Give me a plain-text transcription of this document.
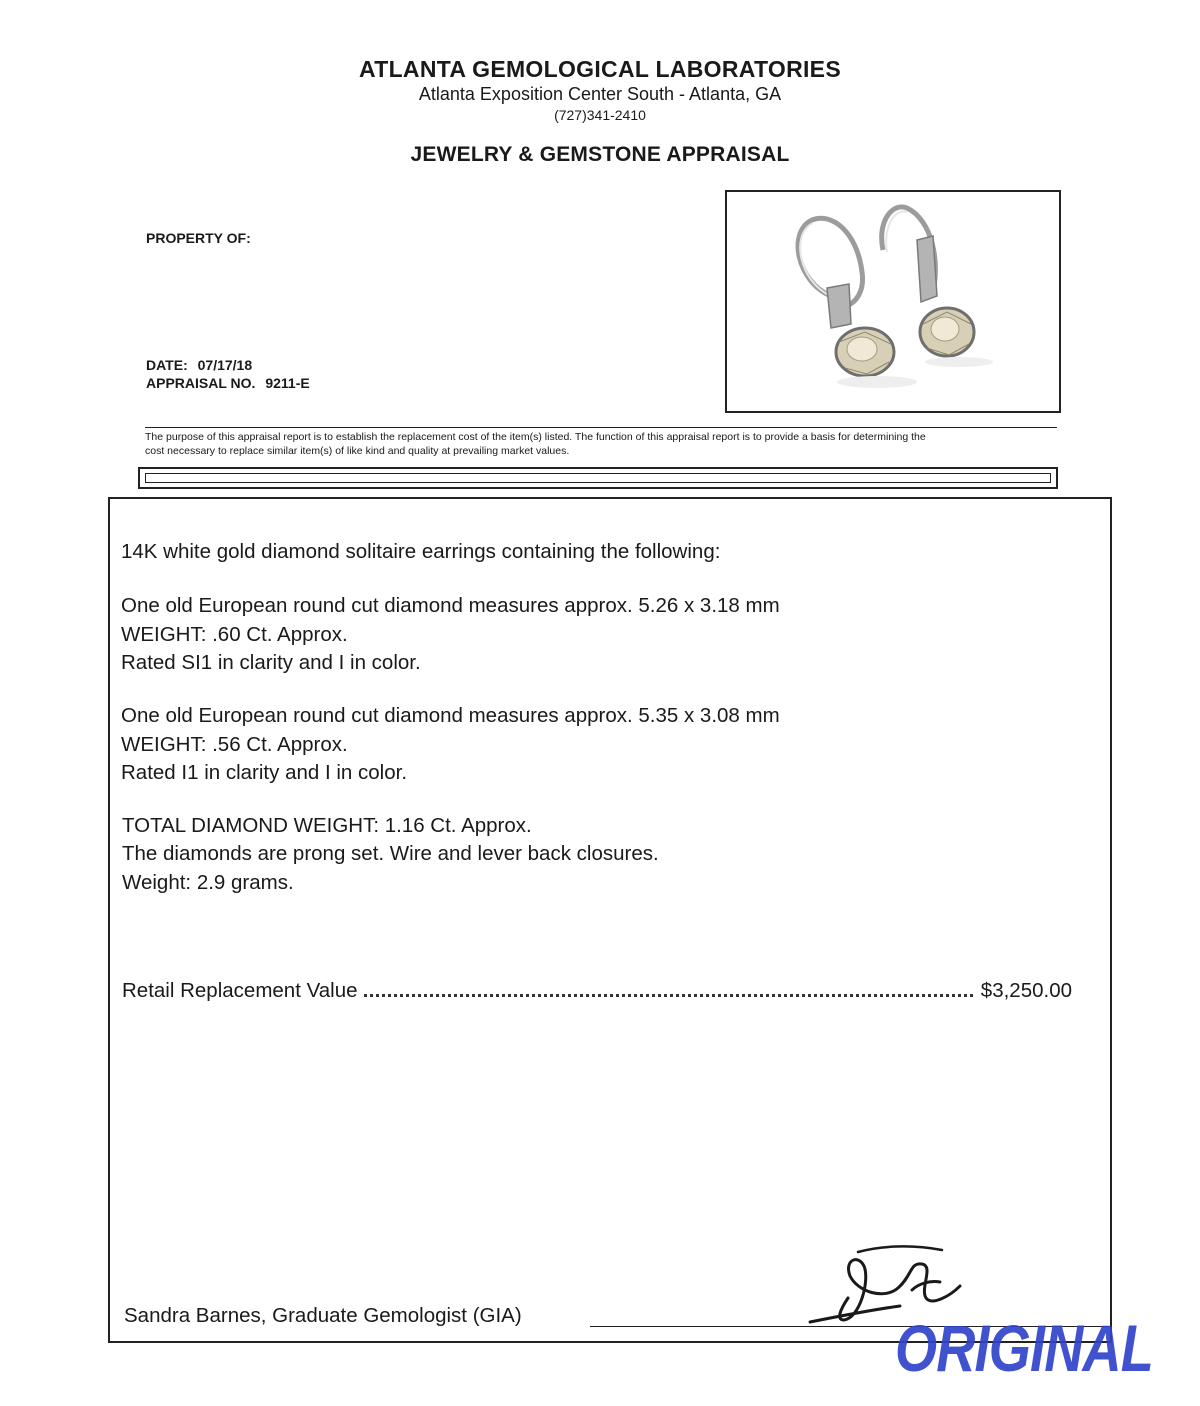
ATLANTA GEMOLOGICAL LABORATORIES
Atlanta Exposition Center South - Atlanta, GA
(727)341-2410
JEWELRY & GEMSTONE APPRAISAL
PROPERTY OF:
DATE: 07/17/18
APPRAISAL NO. 9211-E
The purpose of this appraisal report is to establish the replacement cost of the item(s) listed. The function of this appraisal report is to provide a basis for determining the
cost necessary to replace similar item(s) of like kind and quality at prevailing market values.
14K white gold diamond solitaire earrings containing the following:
One old European round cut diamond measures approx. 5.26 x 3.18 mm
WEIGHT: .60 Ct. Approx.
Rated SI1 in clarity and I in color.
One old European round cut diamond measures approx. 5.35 x 3.08 mm
WEIGHT: .56 Ct. Approx.
Rated I1 in clarity and I in color.
TOTAL DIAMOND WEIGHT: 1.16 Ct. Approx.
The diamonds are prong set. Wire and lever back closures.
Weight: 2.9 grams.
Retail Replacement Value	$3,250.00
Sandra Barnes, Graduate Gemologist (GIA)	ORIGINAL
